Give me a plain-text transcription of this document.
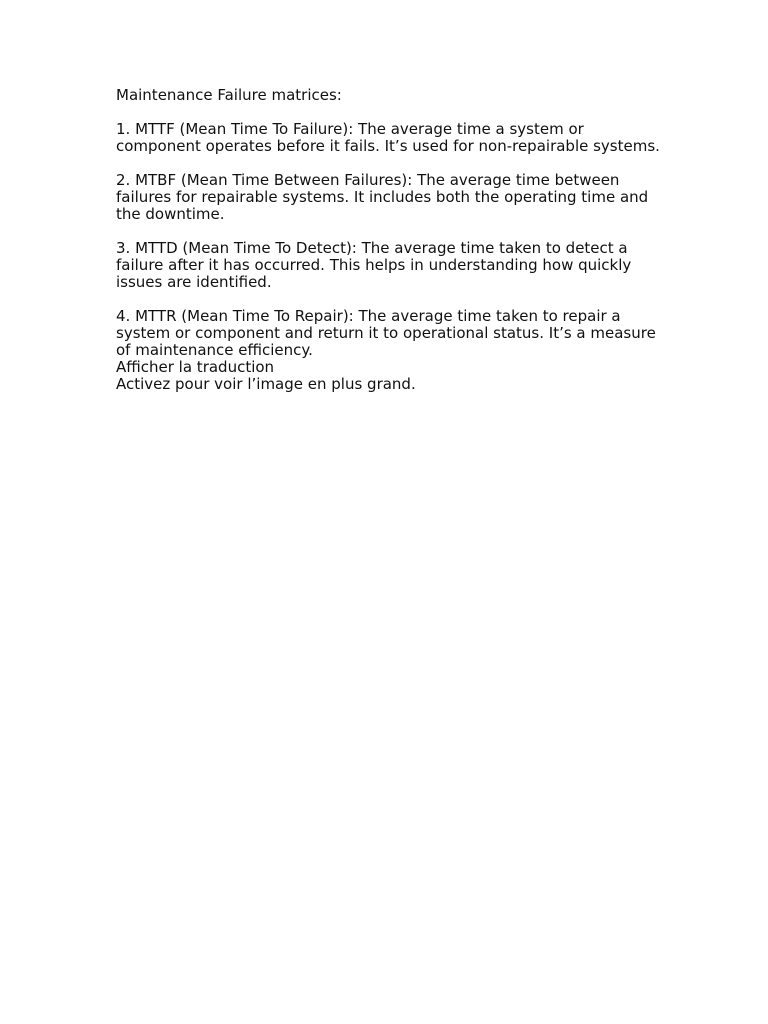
Maintenance Failure matrices:

1. MTTF (Mean Time To Failure): The average time a system or component operates before it fails. It’s used for non-repairable systems.

2. MTBF (Mean Time Between Failures): The average time between failures for repairable systems. It includes both the operating time and the downtime.

3. MTTD (Mean Time To Detect): The average time taken to detect a failure after it has occurred. This helps in understanding how quickly issues are identified.

4. MTTR (Mean Time To Repair): The average time taken to repair a system or component and return it to operational status. It’s a measure of maintenance efficiency.

Afficher la traduction

Activez pour voir l’image en plus grand.
